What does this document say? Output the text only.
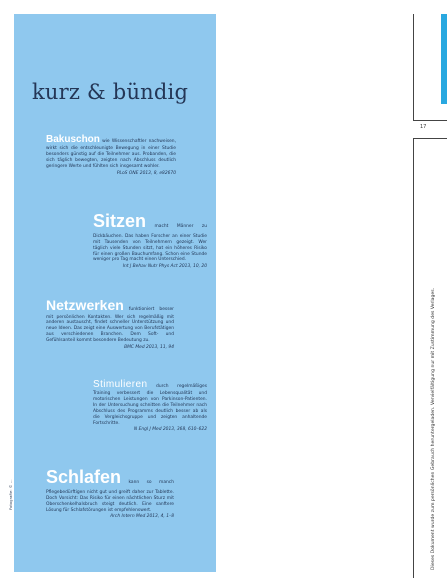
kurz & bündig

Bakuschon wie Wissenschaftler nachweisen, wirkt sich die entschleunigte Bewegung in einer Studie besonders günstig auf die Teilnehmer aus. Probanden, die sich täglich bewegten, zeigten nach Abschluss deutlich geringere Werte und fühlten sich insgesamt wohler.

PLoS ONE 2013, 8, e82670

Sitzen macht Männer zu Dickbäuchen. Das haben Forscher an einer Studie mit Tausenden von Teilnehmern gezeigt. Wer täglich viele Stunden sitzt, hat ein höheres Risiko für einen großen Bauchumfang. Schon eine Stunde weniger pro Tag macht einen Unterschied.

Int J Behav Nutr Phys Act 2013, 10, 20

Netzwerken funktioniert besser mit persönlichen Kontakten. Wer sich regelmäßig mit anderen austauscht, findet schneller Unterstützung und neue Ideen. Das zeigt eine Auswertung von Berufstätigen aus verschiedenen Branchen. Dem Soft- und Gefühlsanteil kommt besondere Bedeutung zu.

BMC Med 2013, 11, 94

Stimulieren durch regelmäßiges Training verbessert die Lebensqualität und motorischen Leistungen von Parkinson-Patienten. In der Untersuchung schnitten die Teilnehmer nach Abschluss des Programms deutlich besser ab als die Vergleichsgruppe und zeigten anhaltende Fortschritte.

N Engl J Med 2013, 368, 610–622

Schlafen kann so manch Pflegebedürftigen nicht gut und greift daher zur Tablette. Doch Vorsicht: Das Risiko für einen nächtlichen Sturz mit Oberschenkelhalsbruch steigt deutlich. Eine sanftere Lösung für Schlafstörungen ist empfehlenswert.

Arch Intern Med 2013, 4, 1–8
Fotografie: © …
17
Dieses Dokument wurde zum persönlichen Gebrauch heruntergeladen. Vervielfältigung nur mit Zustimmung des Verlages.
